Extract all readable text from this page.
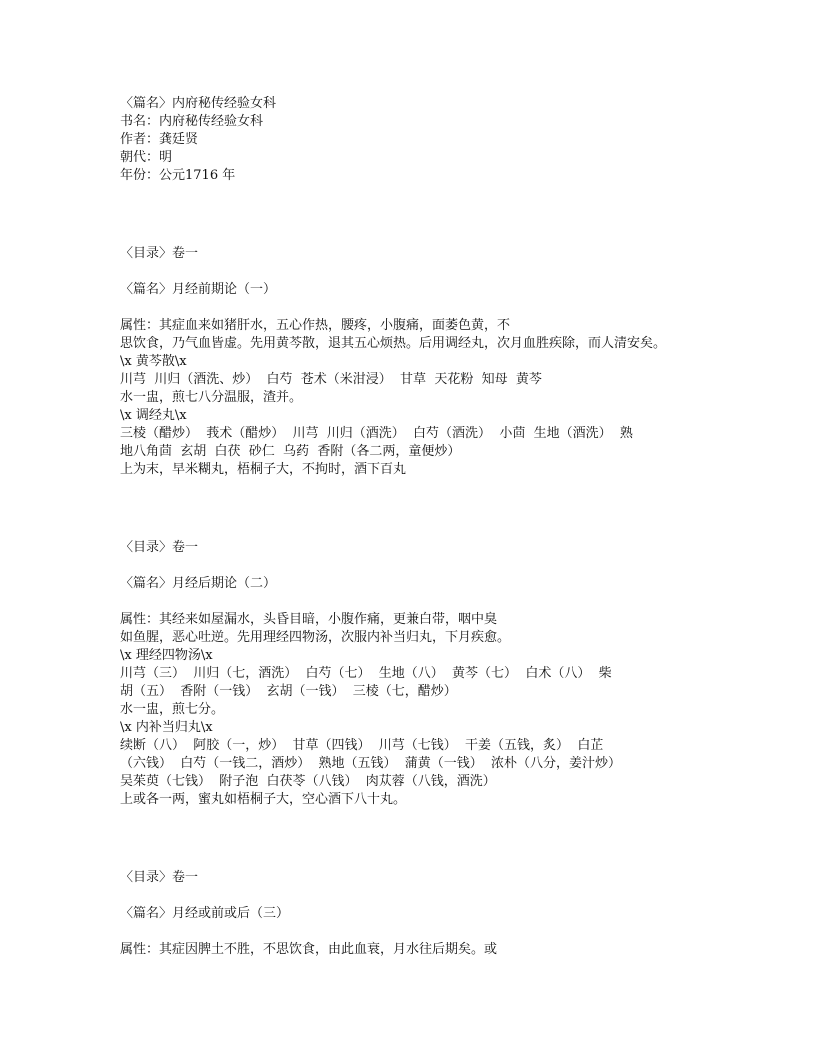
〈篇名〉内府秘传经验女科
书名：内府秘传经验女科
作者：龚廷贤
朝代：明
年份：公元1716 年
〈目录〉卷一
〈篇名〉月经前期论（一）
属性：其症血来如猪肝水，五心作热，腰疼，小腹痛，面萎色黄，不
思饮食，乃气血皆虚。先用黄芩散，退其五心烦热。后用调经丸，次月血胜疾除，而人清安矣。
\x 黄芩散\x
川芎  川归（酒洗、炒）  白芍  苍术（米泔浸）  甘草  天花粉  知母  黄芩
水一盅，煎七八分温服，渣并。
\x 调经丸\x
三棱（醋炒）  莪术（醋炒）  川芎  川归（酒洗）  白芍（酒洗）  小茴  生地（酒洗）  熟
地八角茴  玄胡  白茯  砂仁  乌药  香附（各二两，童便炒）
上为末，早米糊丸，梧桐子大，不拘时，酒下百丸
〈目录〉卷一
〈篇名〉月经后期论（二）
属性：其经来如屋漏水，头昏目暗，小腹作痛，更兼白带，咽中臭
如鱼腥，恶心吐逆。先用理经四物汤，次服内补当归丸，下月疾愈。
\x 理经四物汤\x
川芎（三）  川归（七，酒洗）  白芍（七）  生地（八）  黄芩（七）  白术（八）  柴
胡（五）  香附（一钱）  玄胡（一钱）  三棱（七，醋炒）
水一盅，煎七分。
\x 内补当归丸\x
续断（八）  阿胶（一，炒）  甘草（四钱）  川芎（七钱）  干姜（五钱，炙）  白芷
（六钱）  白芍（一钱二，酒炒）  熟地（五钱）  蒲黄（一钱）  浓朴（八分，姜汁炒）
吴茱萸（七钱）  附子泡  白茯苓（八钱）  肉苁蓉（八钱，酒洗）
上或各一两，蜜丸如梧桐子大，空心酒下八十丸。
〈目录〉卷一
〈篇名〉月经或前或后（三）
属性：其症因脾土不胜，不思饮食，由此血衰，月水往后期矣。或
